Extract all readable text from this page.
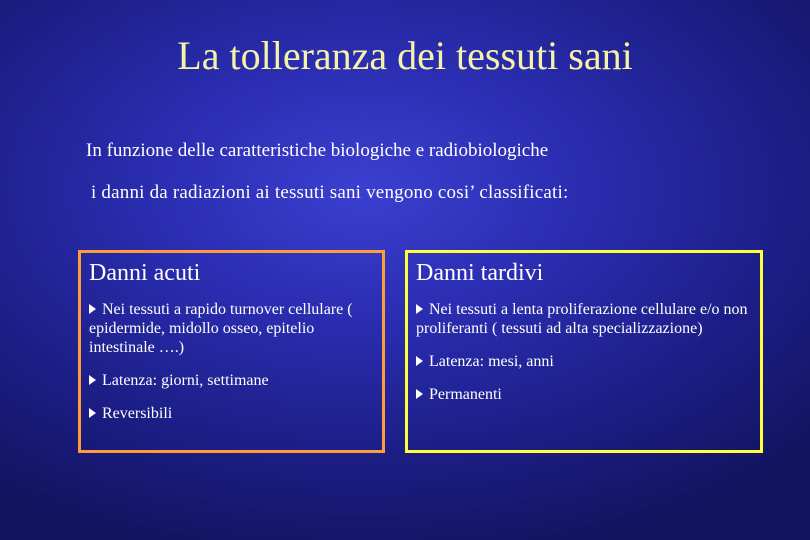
La tolleranza dei tessuti sani
In funzione delle caratteristiche biologiche e radiobiologiche
i danni da radiazioni ai tessuti sani vengono cosi’ classificati:
Danni acuti
Nei tessuti a rapido turnover cellulare ( epidermide, midollo osseo, epitelio intestinale ….)
Latenza: giorni, settimane
Reversibili
Danni tardivi
Nei tessuti a lenta proliferazione cellulare e/o non proliferanti ( tessuti ad alta specializzazione)
Latenza: mesi, anni
Permanenti
